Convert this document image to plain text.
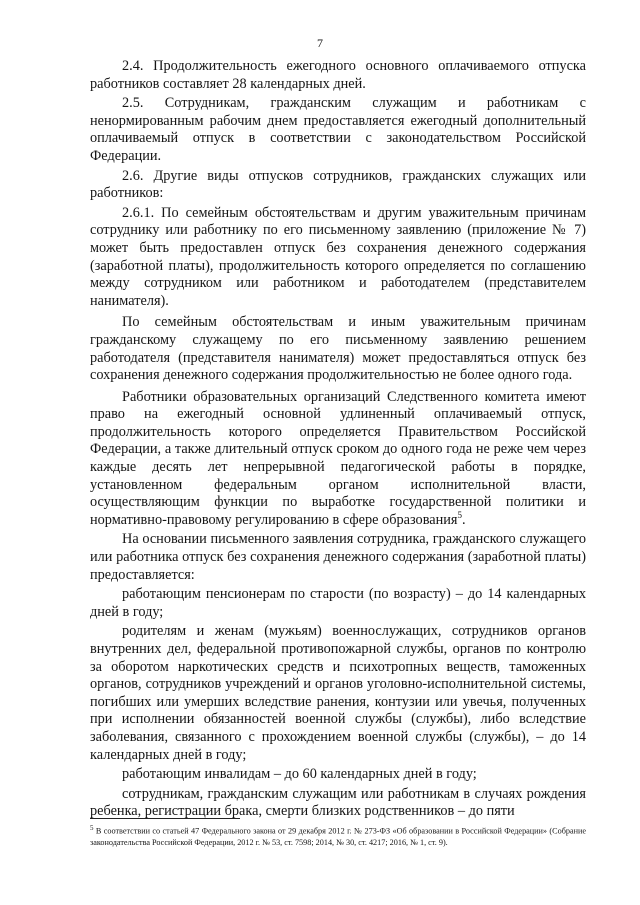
7

2.4. Продолжительность ежегодного основного оплачиваемого отпуска работников составляет 28 календарных дней.

2.5. Сотрудникам, гражданским служащим и работникам с ненормированным рабочим днем предоставляется ежегодный дополнительный оплачиваемый отпуск в соответствии с законодательством Российской Федерации.

2.6. Другие виды отпусков сотрудников, гражданских служащих или работников:

2.6.1. По семейным обстоятельствам и другим уважительным причинам сотруднику или работнику по его письменному заявлению (приложение № 7) может быть предоставлен отпуск без сохранения денежного содержания (заработной платы), продолжительность которого определяется по соглашению между сотрудником или работником и работодателем (представителем нанимателя).

По семейным обстоятельствам и иным уважительным причинам гражданскому служащему по его письменному заявлению решением работодателя (представителя нанимателя) может предоставляться отпуск без сохранения денежного содержания продолжительностью не более одного года.

Работники образовательных организаций Следственного комитета имеют право на ежегодный основной удлиненный оплачиваемый отпуск, продолжительность которого определяется Правительством Российской Федерации, а также длительный отпуск сроком до одного года не реже чем через каждые десять лет непрерывной педагогической работы в порядке, установленном федеральным органом исполнительной власти, осуществляющим функции по выработке государственной политики и нормативно-правовому регулированию в сфере образования$^5$.

На основании письменного заявления сотрудника, гражданского служащего или работника отпуск без сохранения денежного содержания (заработной платы) предоставляется:

работающим пенсионерам по старости (по возрасту) – до 14 календарных дней в году;

родителям и женам (мужьям) военнослужащих, сотрудников органов внутренних дел, федеральной противопожарной службы, органов по контролю за оборотом наркотических средств и психотропных веществ, таможенных органов, сотрудников учреждений и органов уголовно-исполнительной системы, погибших или умерших вследствие ранения, контузии или увечья, полученных при исполнении обязанностей военной службы (службы), либо вследствие заболевания, связанного с прохождением военной службы (службы), – до 14 календарных дней в году;

работающим инвалидам – до 60 календарных дней в году;

сотрудникам, гражданским служащим или работникам в случаях рождения ребенка, регистрации брака, смерти близких родственников – до пяти

$^5$ В соответствии со статьей 47 Федерального закона от 29 декабря 2012 г. № 273-ФЗ «Об образовании в Российской Федерации» (Собрание законодательства Российской Федерации, 2012 г. № 53, ст. 7598; 2014, № 30, ст. 4217; 2016, № 1, ст. 9).
